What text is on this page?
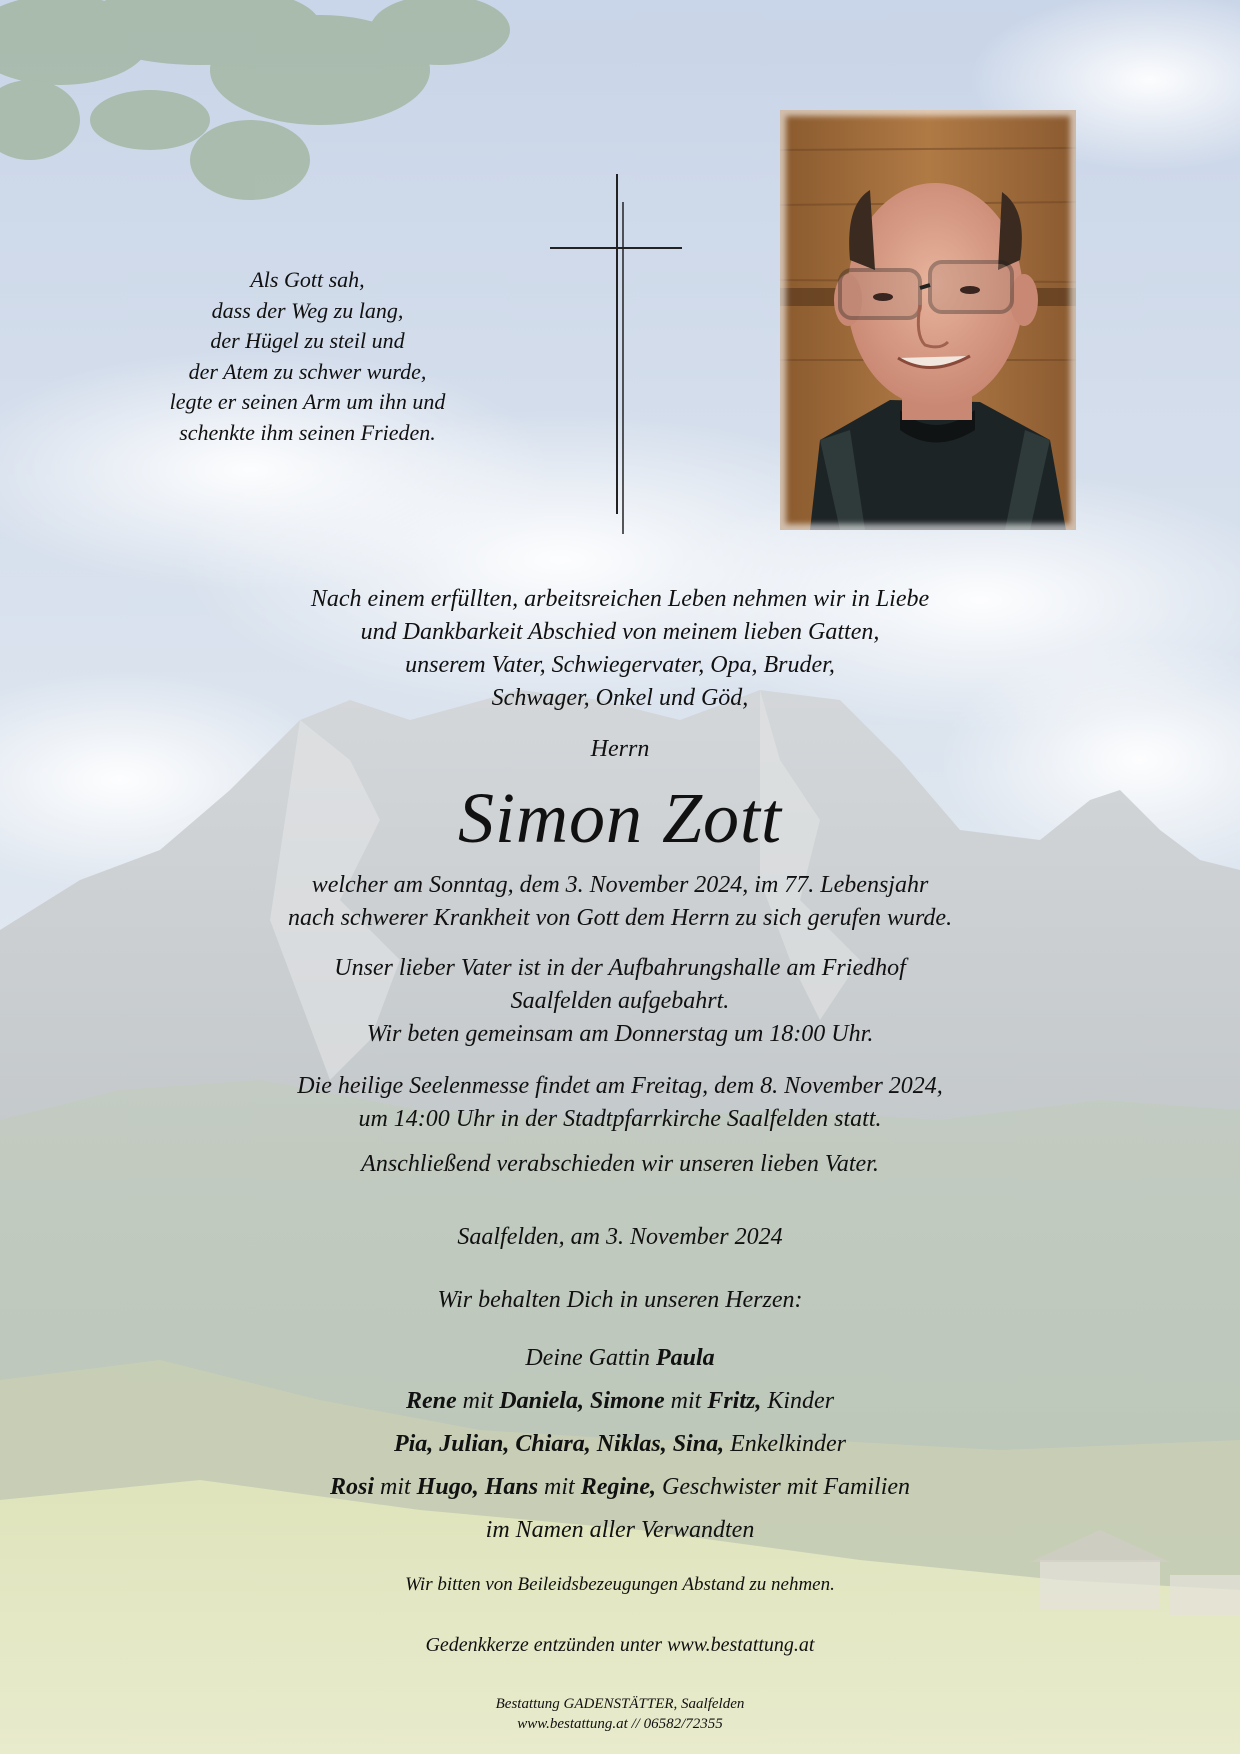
Als Gott sah,
dass der Weg zu lang,
der Hügel zu steil und
der Atem zu schwer wurde,
legte er seinen Arm um ihn und
schenkte ihm seinen Frieden.
Nach einem erfüllten, arbeitsreichen Leben nehmen wir in Liebe
und Dankbarkeit Abschied von meinem lieben Gatten,
unserem Vater, Schwiegervater, Opa, Bruder,
Schwager, Onkel und Göd,
Herrn
Simon Zott
welcher am Sonntag, dem 3. November 2024, im 77. Lebensjahr
nach schwerer Krankheit von Gott dem Herrn zu sich gerufen wurde.
Unser lieber Vater ist in der Aufbahrungshalle am Friedhof
Saalfelden aufgebahrt.
Wir beten gemeinsam am Donnerstag um 18:00 Uhr.
Die heilige Seelenmesse findet am Freitag, dem 8. November 2024,
um 14:00 Uhr in der Stadtpfarrkirche Saalfelden statt.
Anschließend verabschieden wir unseren lieben Vater.
Saalfelden, am 3. November 2024
Wir behalten Dich in unseren Herzen:
Deine Gattin Paula
Rene mit Daniela, Simone mit Fritz, Kinder
Pia, Julian, Chiara, Niklas, Sina, Enkelkinder
Rosi mit Hugo, Hans mit Regine, Geschwister mit Familien
im Namen aller Verwandten
Wir bitten von Beileidsbezeugungen Abstand zu nehmen.
Gedenkkerze entzünden unter www.bestattung.at
Bestattung GADENSTÄTTER, Saalfelden
www.bestattung.at // 06582/72355
